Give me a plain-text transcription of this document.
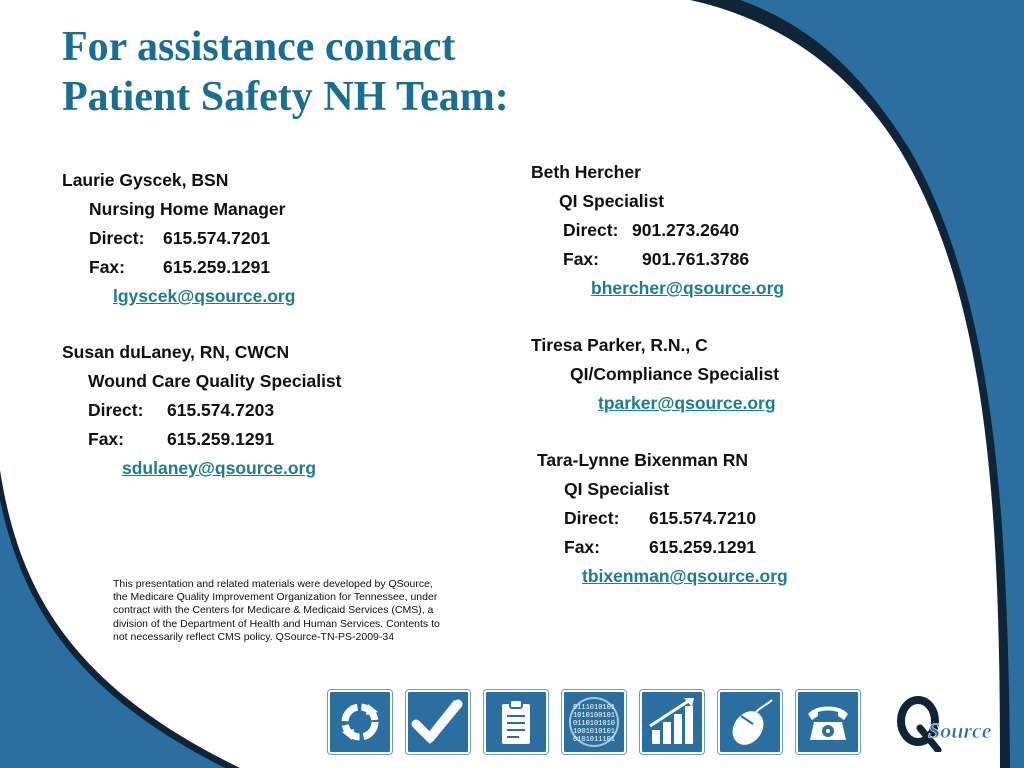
For assistance contact
Patient Safety NH Team:
Laurie Gyscek, BSN
Nursing Home Manager
Direct: 615.574.7201
Fax: 615.259.1291
lgyscek@qsource.org
Susan duLaney, RN, CWCN
Wound Care Quality Specialist
Direct: 615.574.7203
Fax: 615.259.1291
sdulaney@qsource.org
Beth Hercher
QI Specialist
Direct: 901.273.2640
Fax: 901.761.3786
bhercher@qsource.org
Tiresa Parker, R.N., C
QI/Compliance Specialist
tparker@qsource.org
Tara-Lynne Bixenman RN
QI Specialist
Direct: 615.574.7210
Fax:	615.259.1291
tbixenman@qsource.org
This presentation and related materials were developed by QSource, the Medicare Quality Improvement Organization for Tennessee, under contract with the Centers for Medicare & Medicaid Services (CMS), a division of the Department of Health and Human Services. Contents to not necessarily reflect CMS policy. QSource-TN-PS-2009-34
0111010101
1010100101
0110101010
1001010101
0101011101	Source
